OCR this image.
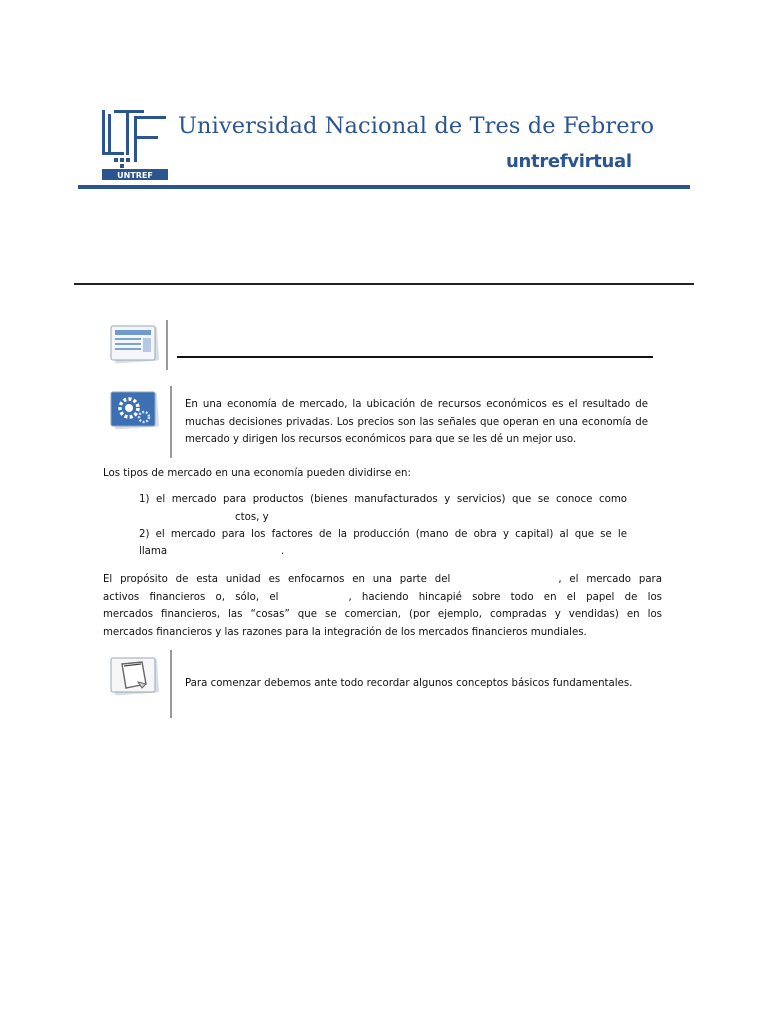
UNTREF
Universidad Nacional de Tres de Febrero
untrefvirtual
En una economía de mercado, la ubicación de recursos económicos es el resultado de muchas decisiones privadas. Los precios son las señales que operan en una economía de mercado y dirigen los recursos económicos para que se les dé un mejor uso.
Los tipos de mercado en una economía pueden dividirse en:
1) el mercado para productos (bienes manufacturados y servicios) que se conoce como
ctos, y
2) el mercado para los factores de la producción (mano de obra y capital) al que se le
llama	.
El propósito de esta unidad es enfocarnos en una parte del	, el mercado para
activos financieros o, sólo, el	, haciendo hincapié sobre todo en el papel de los
mercados financieros, las “cosas” que se comercian, (por ejemplo, compradas y vendidas) en los
mercados financieros y las razones para la integración de los mercados financieros mundiales.
Para comenzar debemos ante todo recordar algunos conceptos básicos fundamentales.
